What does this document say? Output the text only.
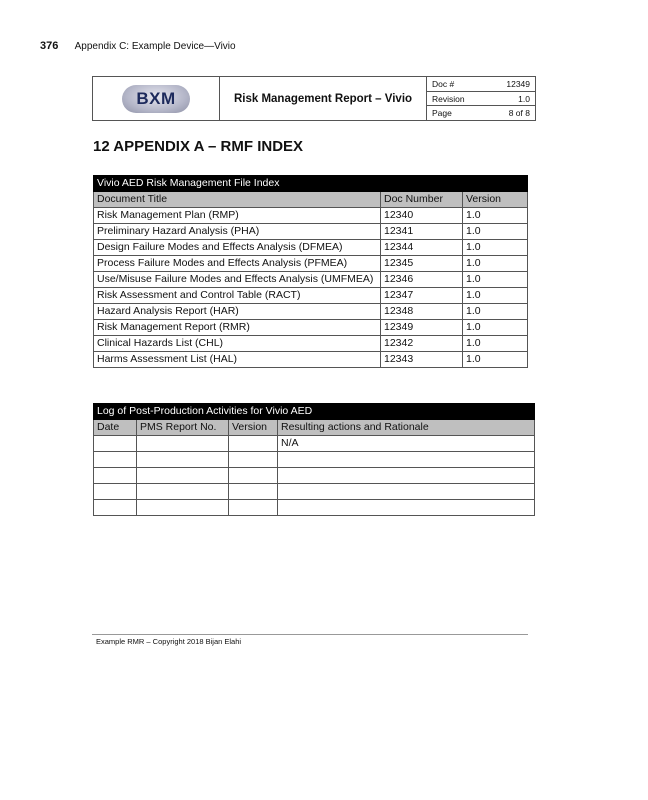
376 Appendix C: Example Device—Vivio
BXM	Risk Management Report – Vivio
Doc #	12349
Revision	1.0
Page	8 of 8
12 APPENDIX A – RMF INDEX
Vivio AED Risk Management File Index		
Document Title	Doc Number	Version
Risk Management Plan (RMP)	12340	1.0
Preliminary Hazard Analysis (PHA)	12341	1.0
Design Failure Modes and Effects Analysis (DFMEA)	12344	1.0
Process Failure Modes and Effects Analysis (PFMEA)	12345	1.0
Use/Misuse Failure Modes and Effects Analysis (UMFMEA)	12346	1.0
Risk Assessment and Control Table (RACT)	12347	1.0
Hazard Analysis Report (HAR)	12348	1.0
Risk Management Report (RMR)	12349	1.0
Clinical Hazards List (CHL)	12342	1.0
Harms Assessment List (HAL)	12343	1.0
Log of Post-Production Activities for Vivio AED			
Date	PMS Report No.	Version	Resulting actions and Rationale
			N/A

Example RMR – Copyright 2018 Bijan Elahi
